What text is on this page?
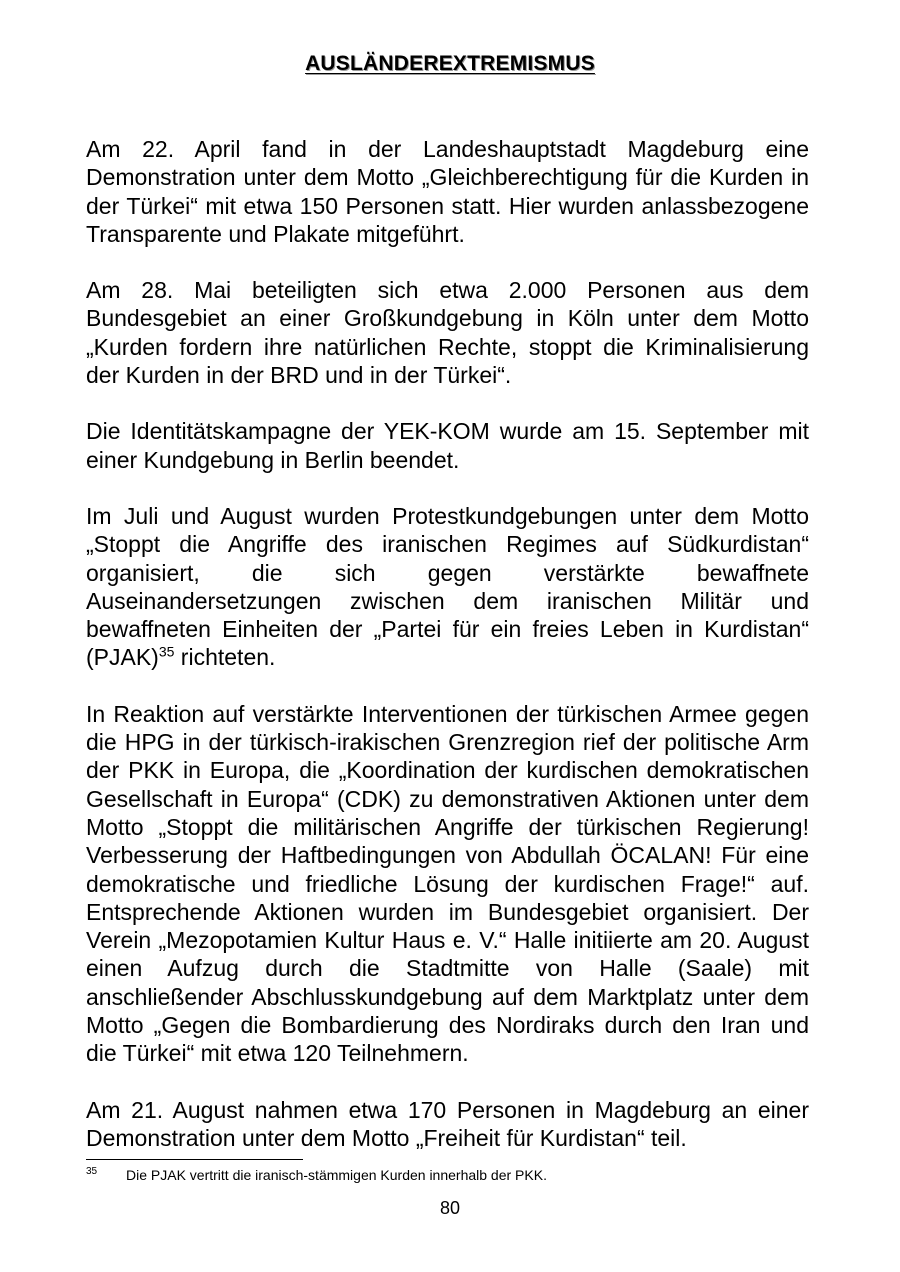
AUSLÄNDEREXTREMISMUS

Am 22. April fand in der Landeshauptstadt Magdeburg eine Demonstration unter dem Motto „Gleichberechtigung für die Kurden in der Türkei“ mit etwa 150 Personen statt. Hier wurden anlassbezogene Transparente und Plakate mitgeführt.

Am 28. Mai beteiligten sich etwa 2.000 Personen aus dem Bundesgebiet an einer Großkundgebung in Köln unter dem Motto „Kurden fordern ihre natürlichen Rechte, stoppt die Kriminalisierung der Kurden in der BRD und in der Türkei“.

Die Identitätskampagne der YEK-KOM wurde am 15. September mit einer Kundgebung in Berlin beendet.

Im Juli und August wurden Protestkundgebungen unter dem Motto „Stoppt die Angriffe des iranischen Regimes auf Südkurdistan“ organisiert, die sich gegen verstärkte bewaffnete Auseinandersetzungen zwischen dem iranischen Militär und bewaffneten Einheiten der „Partei für ein freies Leben in Kurdistan“ (PJAK)$^{35}$ richteten.

In Reaktion auf verstärkte Interventionen der türkischen Armee gegen die HPG in der türkisch-irakischen Grenzregion rief der politische Arm der PKK in Europa, die „Koordination der kurdischen demokratischen Gesellschaft in Europa“ (CDK) zu demonstrativen Aktionen unter dem Motto „Stoppt die militärischen Angriffe der türkischen Regierung! Verbesserung der Haftbedingungen von Abdullah ÖCALAN! Für eine demokratische und friedliche Lösung der kurdischen Frage!“ auf. Entsprechende Aktionen wurden im Bundesgebiet organisiert. Der Verein „Mezopotamien Kultur Haus e. V.“ Halle initiierte am 20. August einen Aufzug durch die Stadtmitte von Halle (Saale) mit anschließender Abschlusskundgebung auf dem Marktplatz unter dem Motto „Gegen die Bombardierung des Nordiraks durch den Iran und die Türkei“ mit etwa 120 Teilnehmern.

Am 21. August nahmen etwa 170 Personen in Magdeburg an einer Demonstration unter dem Motto „Freiheit für Kurdistan“ teil.

35 Die PJAK vertritt die iranisch-stämmigen Kurden innerhalb der PKK.
80
